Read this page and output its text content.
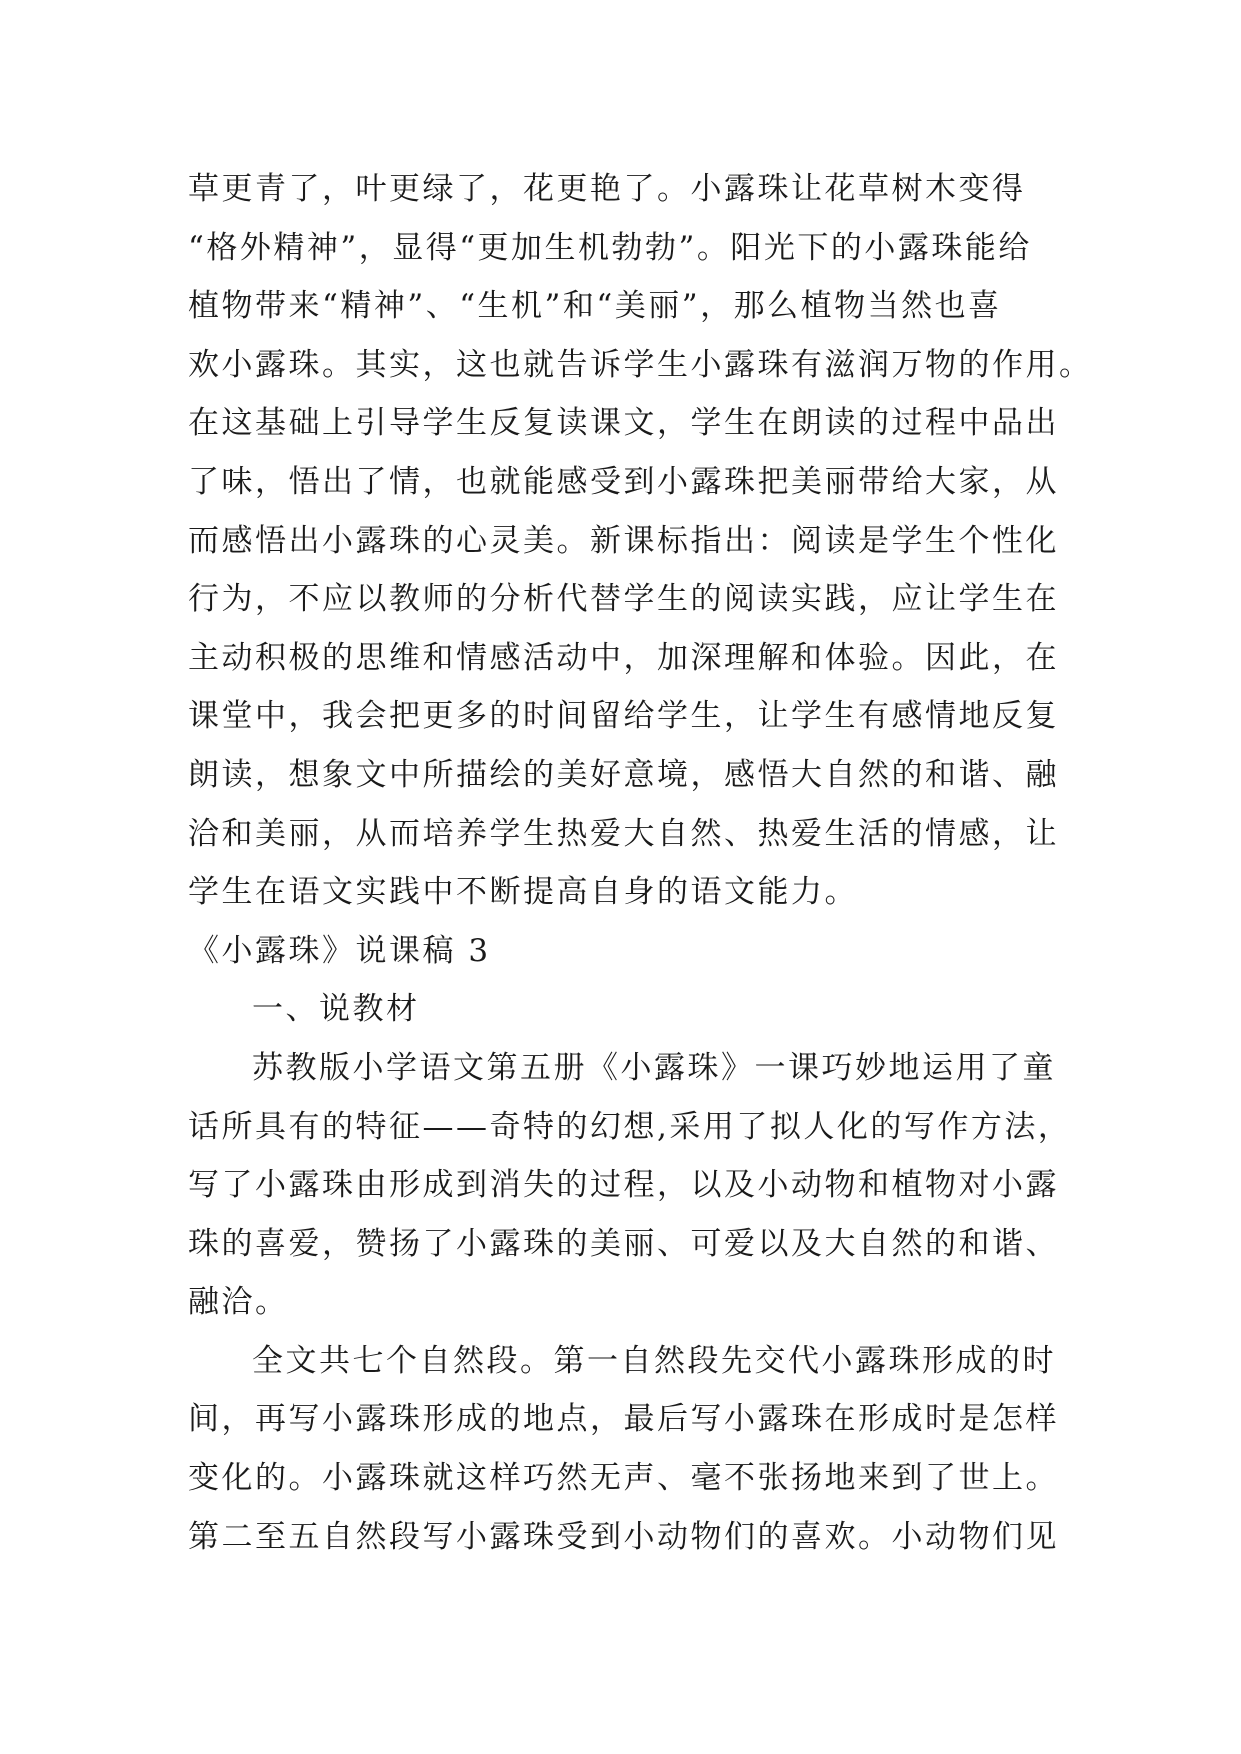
草更青了，叶更绿了，花更艳了。小露珠让花草树木变得
“格外精神”，显得“更加生机勃勃”。阳光下的小露珠能给
植物带来“精神”、“生机”和“美丽”，那么植物当然也喜
欢小露珠。其实，这也就告诉学生小露珠有滋润万物的作用。
在这基础上引导学生反复读课文，学生在朗读的过程中品出
了味，悟出了情，也就能感受到小露珠把美丽带给大家，从
而感悟出小露珠的心灵美。新课标指出：阅读是学生个性化
行为，不应以教师的分析代替学生的阅读实践，应让学生在
主动积极的思维和情感活动中，加深理解和体验。因此，在
课堂中，我会把更多的时间留给学生，让学生有感情地反复
朗读，想象文中所描绘的美好意境，感悟大自然的和谐、融
洽和美丽，从而培养学生热爱大自然、热爱生活的情感，让
学生在语文实践中不断提高自身的语文能力。
《小露珠》说课稿 3
一、说教材
苏教版小学语文第五册《小露珠》一课巧妙地运用了童
话所具有的特征——奇特的幻想,采用了拟人化的写作方法，
写了小露珠由形成到消失的过程，以及小动物和植物对小露
珠的喜爱，赞扬了小露珠的美丽、可爱以及大自然的和谐、
融洽。
全文共七个自然段。第一自然段先交代小露珠形成的时
间，再写小露珠形成的地点，最后写小露珠在形成时是怎样
变化的。小露珠就这样巧然无声、毫不张扬地来到了世上。
第二至五自然段写小露珠受到小动物们的喜欢。小动物们见
